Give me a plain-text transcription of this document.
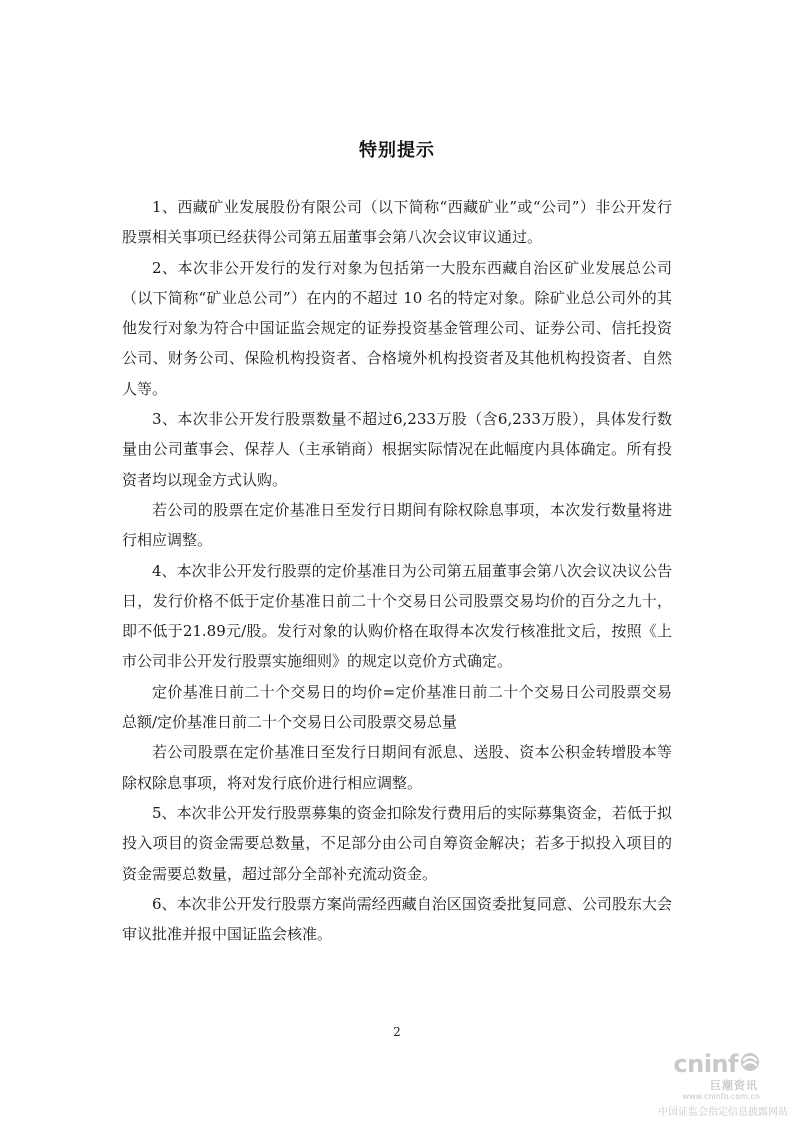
特别提示

1、西藏矿业发展股份有限公司（以下简称“西藏矿业”或“公司”）非公开发行股票相关事项已经获得公司第五届董事会第八次会议审议通过。

2、本次非公开发行的发行对象为包括第一大股东西藏自治区矿业发展总公司（以下简称“矿业总公司”）在内的不超过 10 名的特定对象。除矿业总公司外的其他发行对象为符合中国证监会规定的证券投资基金管理公司、证券公司、信托投资公司、财务公司、保险机构投资者、合格境外机构投资者及其他机构投资者、自然人等。

3、本次非公开发行股票数量不超过6,233万股（含6,233万股），具体发行数量由公司董事会、保荐人（主承销商）根据实际情况在此幅度内具体确定。所有投资者均以现金方式认购。

若公司的股票在定价基准日至发行日期间有除权除息事项，本次发行数量将进行相应调整。

4、本次非公开发行股票的定价基准日为公司第五届董事会第八次会议决议公告日，发行价格不低于定价基准日前二十个交易日公司股票交易均价的百分之九十，即不低于21.89元/股。发行对象的认购价格在取得本次发行核准批文后，按照《上市公司非公开发行股票实施细则》的规定以竞价方式确定。

定价基准日前二十个交易日的均价=定价基准日前二十个交易日公司股票交易总额/定价基准日前二十个交易日公司股票交易总量

若公司股票在定价基准日至发行日期间有派息、送股、资本公积金转增股本等除权除息事项，将对发行底价进行相应调整。

5、本次非公开发行股票募集的资金扣除发行费用后的实际募集资金，若低于拟投入项目的资金需要总数量，不足部分由公司自筹资金解决；若多于拟投入项目的资金需要总数量，超过部分全部补充流动资金。

6、本次非公开发行股票方案尚需经西藏自治区国资委批复同意、公司股东大会审议批准并报中国证监会核准。

2
cninf
巨潮资讯
www.cninfo.com.cn
中国证监会指定信息披露网站
